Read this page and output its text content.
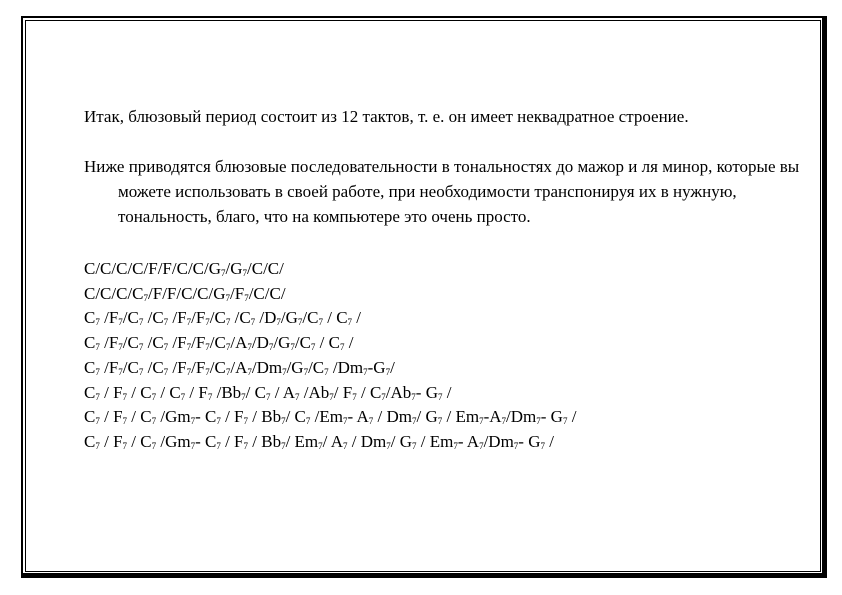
Итак, блюзовый период состоит из 12 тактов, т. е. он имеет неквадратное строение.

Ниже приводятся блюзовые последовательности в тональностях до мажор и ля минор, которые вы можете использовать в своей работе, при необходимости транспонируя их в нужную, тональность, благо, что на компьютере это очень просто.

$C/C/C/C/F/F/C/C/G_7/G_7/C/C/$
$C/C/C/C_7/F/F/C/C/G_7/F_7/C/C/$
$C_7$ $/F_7/C_7$ $/C_7$ $/F_7/F_7/C_7$ $/C_7$ $/D_7/G_7/C_7 / C_7$ /
$C_7$ $/F_7/C_7$ $/C_7$ $/F_7/F_7/C_7/A_7/D_7/G_7/C_7 / C_7$ /
$C_7$ $/F_7/C_7$ $/C_7$ $/F_7/F_7/C_7/A_7/Dm_7/G_7/C_7$ $/Dm_7-G_7/$
$C_7 / F_7 / C_7 / C_7 / F_7$ $/Bb_7/$ $C_7 / A_7$ $/Ab_7/$ $F_7 / C_7/Ab_7-$ $G_7$ /
$C_7 / F_7 / C_7$ $/Gm_7-$ $C_7 / F_7 / Bb_7/$ $C_7$ $/Em_7-$ $A_7 / Dm_7/$ $G_7 / Em_7-A_7/Dm_7-$ $G_7$ /
$C_7 / F_7 / C_7$ $/Gm_7-$ $C_7 / F_7 / Bb_7/$ $Em_7/$ $A_7 / Dm_7/$ $G_7 / Em_7-$ $A_7/Dm_7-$ $G_7$ /
